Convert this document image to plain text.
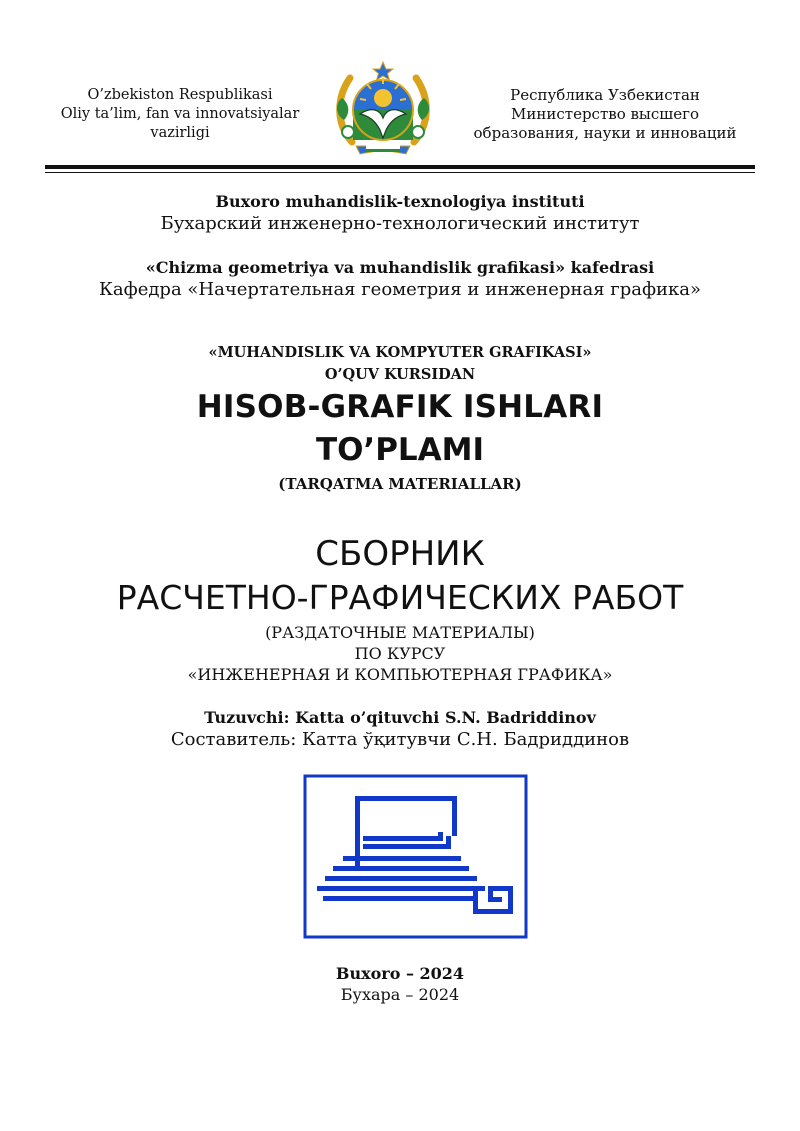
O’zbekiston Respublikasi
Oliy ta’lim, fan va innovatsiyalar
vazirligi
Республика Узбекистан
Министерство высшего
образования, науки и инноваций
Buxoro muhandislik-texnologiya instituti
Бухарский инженерно-технологический институт
«Chizma geometriya va muhandislik grafikasi» kafedrasi
Кафедра «Начертательная геометрия и инженерная графика»
«MUHANDISLIK VA KOMPYUTER GRAFIKASI»
O’QUV KURSIDAN
HISOB-GRAFIK ISHLARI
TO’PLAMI
(TARQATMA MATERIALLAR)
СБОРНИК
РАСЧЕТНО-ГРАФИЧЕСКИХ РАБОТ
(РАЗДАТОЧНЫЕ МАТЕРИАЛЫ)
ПО КУРСУ
«ИНЖЕНЕРНАЯ И КОМПЬЮТЕРНАЯ ГРАФИКА»
Tuzuvchi: Katta o’qituvchi S.N. Badriddinov
Составитель: Катта ўқитувчи С.Н. Бадриддинов
Buxoro – 2024
Бухара – 2024
